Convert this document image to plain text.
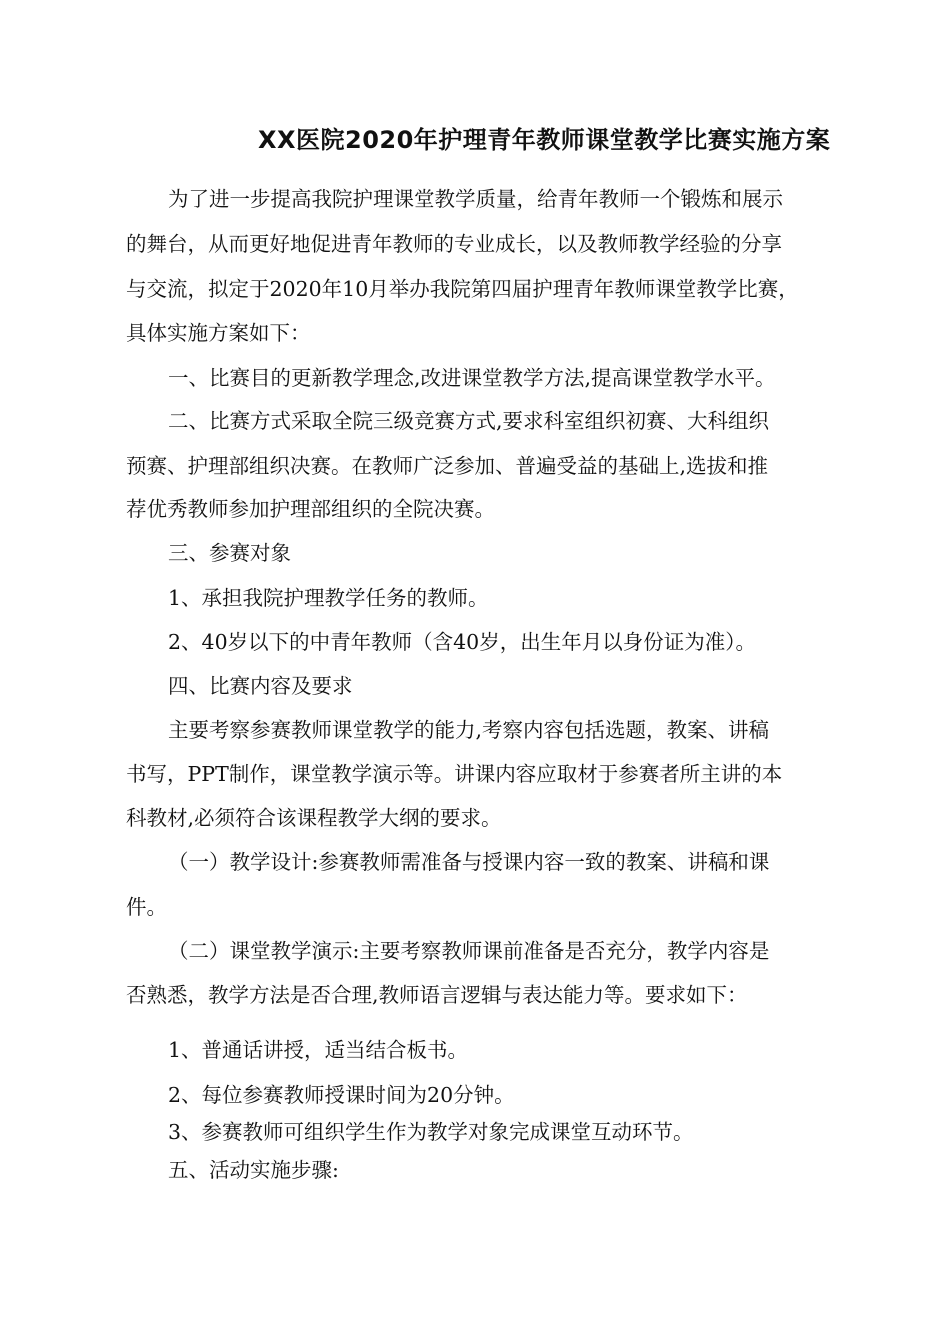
XX医院2020年护理青年教师课堂教学比赛实施方案
为了进一步提高我院护理课堂教学质量，给青年教师一个锻炼和展示
的舞台，从而更好地促进青年教师的专业成长，以及教师教学经验的分享
与交流，拟定于2020年10月举办我院第四届护理青年教师课堂教学比赛，
具体实施方案如下：
一、比赛目的更新教学理念,改进课堂教学方法,提高课堂教学水平。
二、比赛方式采取全院三级竞赛方式,要求科室组织初赛、大科组织
预赛、护理部组织决赛。在教师广泛参加、普遍受益的基础上,选拔和推
荐优秀教师参加护理部组织的全院决赛。
三、参赛对象
1、承担我院护理教学任务的教师。
2、40岁以下的中青年教师（含40岁，出生年月以身份证为准）。
四、比赛内容及要求
主要考察参赛教师课堂教学的能力,考察内容包括选题，教案、讲稿
书写，PPT制作，课堂教学演示等。讲课内容应取材于参赛者所主讲的本
科教材,必须符合该课程教学大纲的要求。
（一）教学设计:参赛教师需准备与授课内容一致的教案、讲稿和课
件。
（二）课堂教学演示:主要考察教师课前准备是否充分，教学内容是
否熟悉，教学方法是否合理,教师语言逻辑与表达能力等。要求如下：
1、普通话讲授，适当结合板书。
2、每位参赛教师授课时间为20分钟。
3、参赛教师可组织学生作为教学对象完成课堂互动环节。
五、活动实施步骤:
